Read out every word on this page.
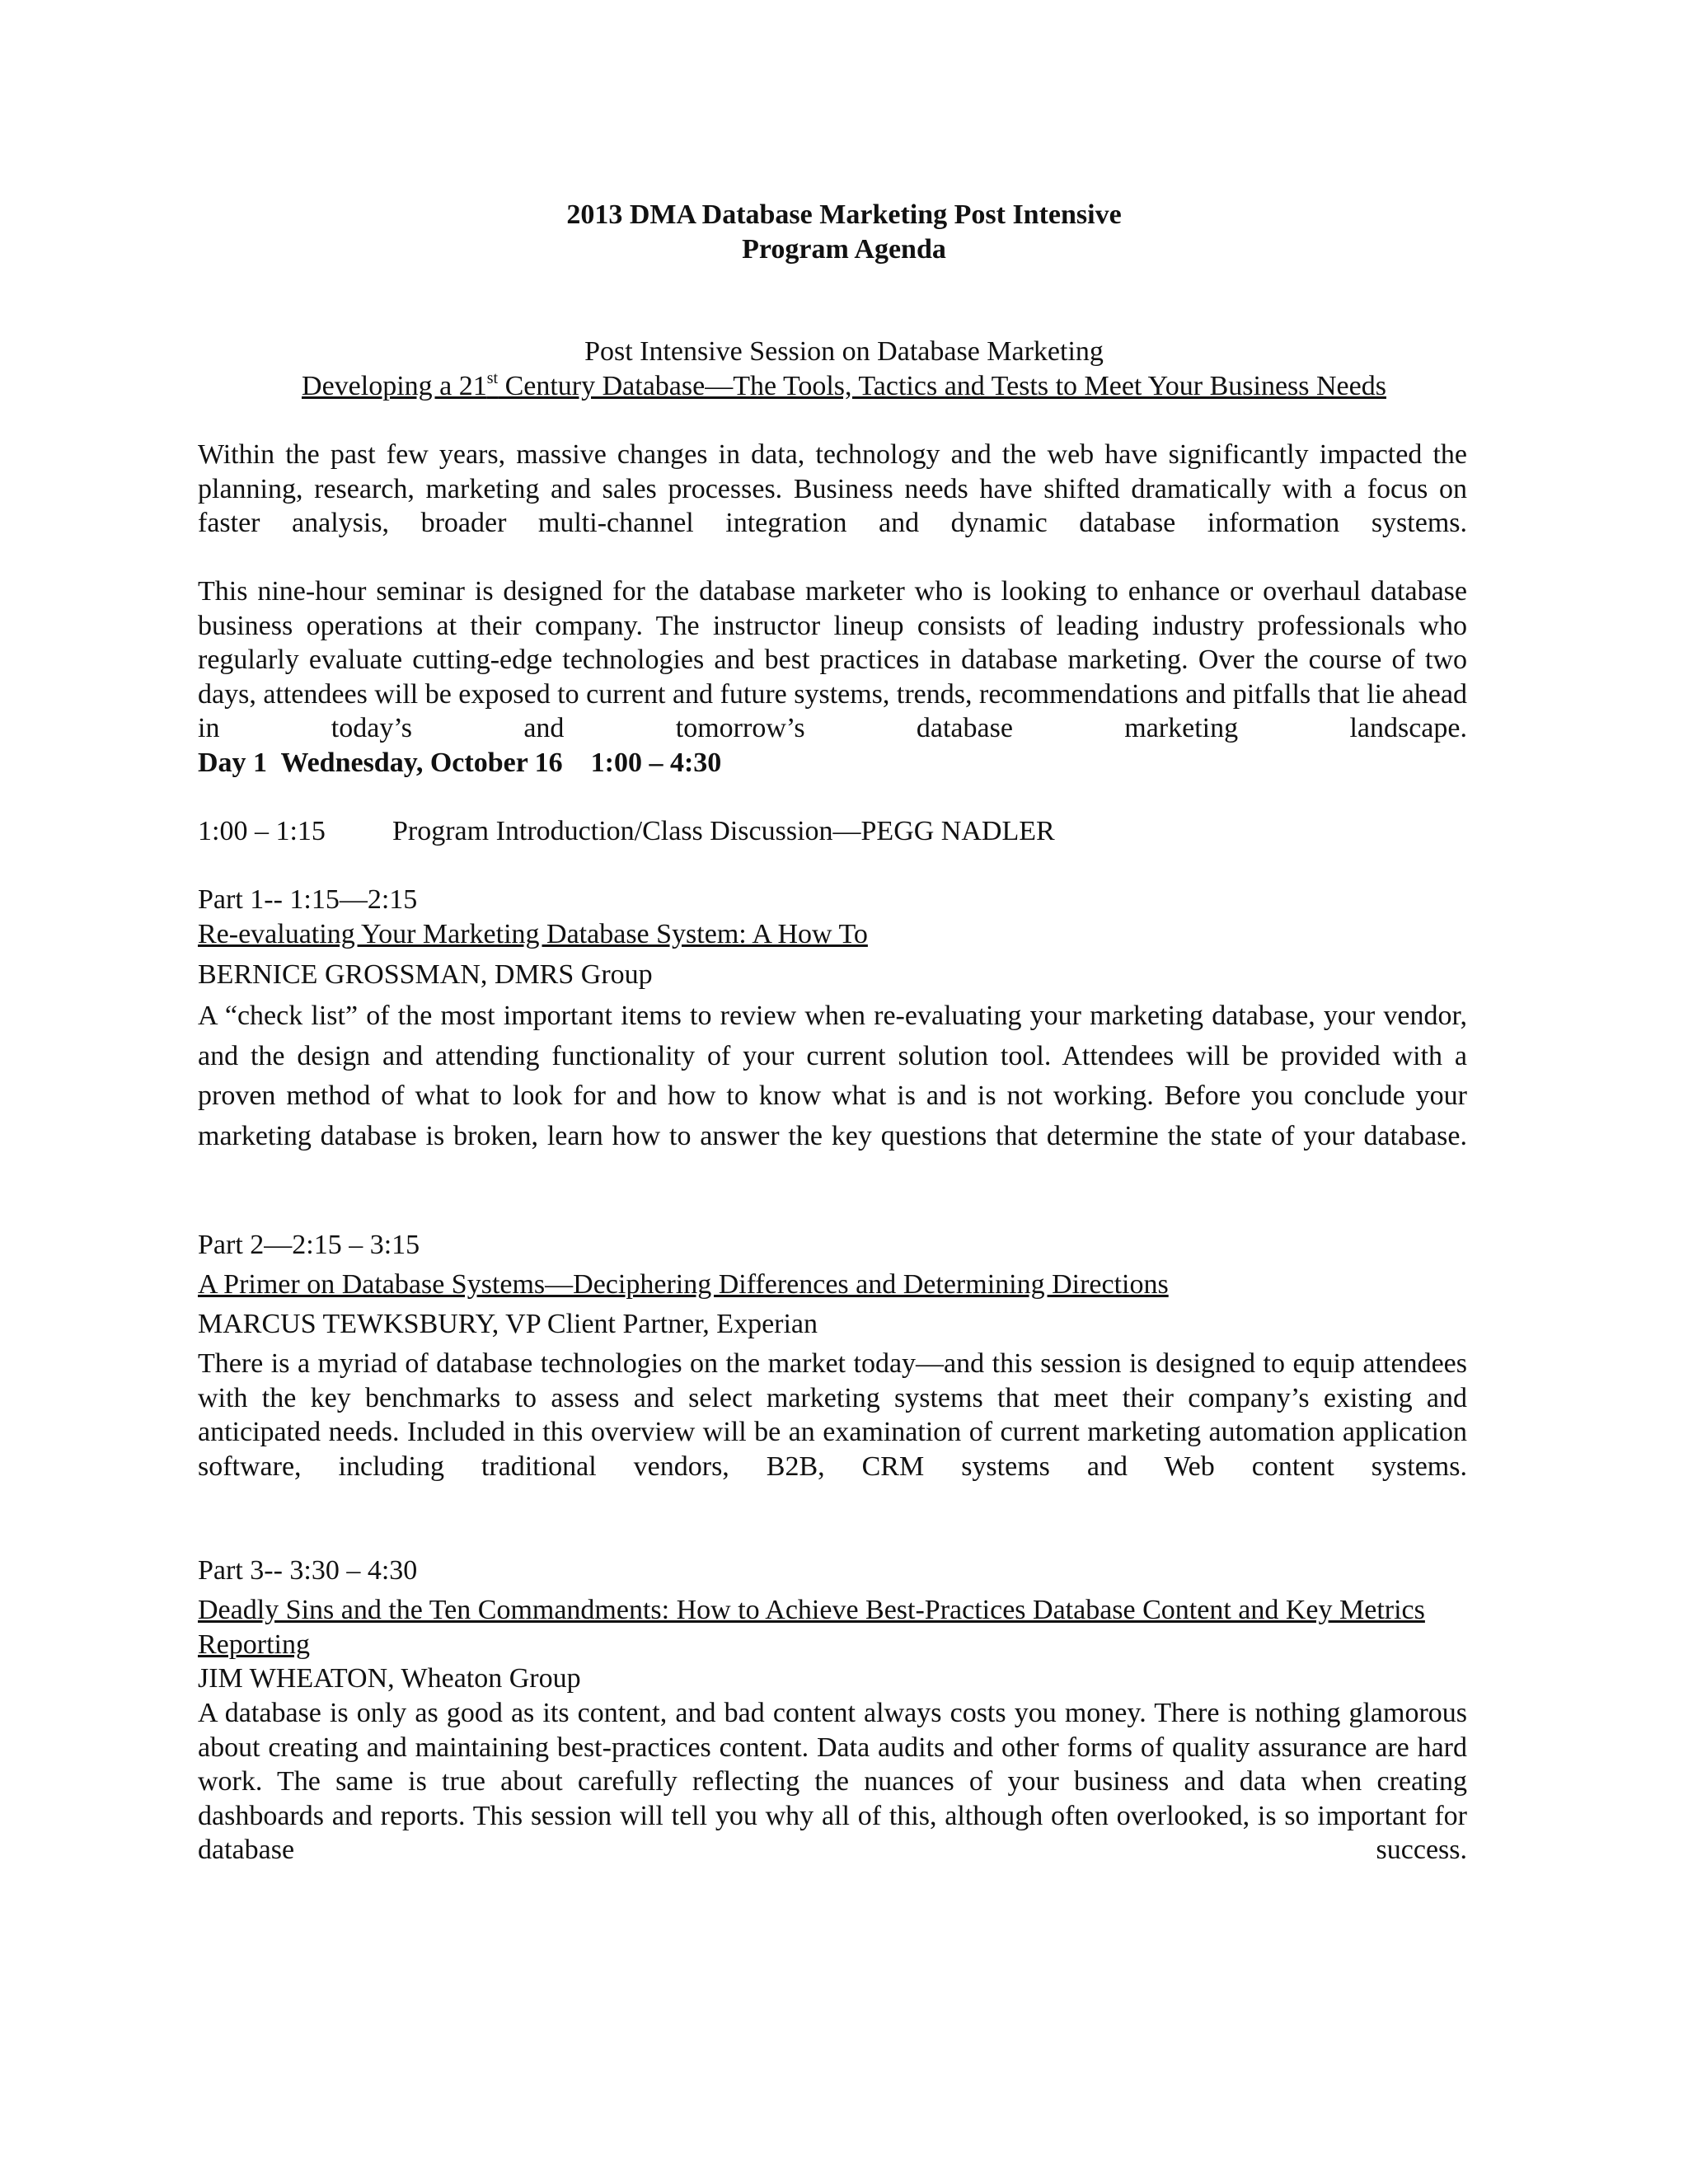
2013 DMA Database Marketing Post Intensive
Program Agenda
Post Intensive Session on Database Marketing
Developing a 21st Century Database—The Tools, Tactics and Tests to Meet Your Business Needs
Within the past few years, massive changes in data, technology and the web have significantly impacted the planning, research, marketing and sales processes. Business needs have shifted dramatically with a focus on faster analysis, broader multi-channel integration and dynamic database information systems.
This nine-hour seminar is designed for the database marketer who is looking to enhance or overhaul database business operations at their company. The instructor lineup consists of leading industry professionals who regularly evaluate cutting-edge technologies and best practices in database marketing. Over the course of two days, attendees will be exposed to current and future systems, trends, recommendations and pitfalls that lie ahead in today’s and tomorrow’s database marketing landscape.
Day 1  Wednesday, October 16    1:00 – 4:30
1:00 – 1:15 Program Introduction/Class Discussion—PEGG NADLER
Part 1-- 1:15—2:15
Re-evaluating Your Marketing Database System: A How To
BERNICE GROSSMAN, DMRS Group
A “check list” of the most important items to review when re-evaluating your marketing database, your vendor, and the design and attending functionality of your current solution tool. Attendees will be provided with a proven method of what to look for and how to know what is and is not working. Before you conclude your marketing database is broken, learn how to answer the key questions that determine the state of your database.
Part 2—2:15 – 3:15
A Primer on Database Systems—Deciphering Differences and Determining Directions
MARCUS TEWKSBURY, VP Client Partner, Experian
There is a myriad of database technologies on the market today—and this session is designed to equip attendees with the key benchmarks to assess and select marketing systems that meet their company’s existing and anticipated needs. Included in this overview will be an examination of current marketing automation application software, including traditional vendors, B2B, CRM systems and Web content systems.
Part 3-- 3:30 – 4:30
Deadly Sins and the Ten Commandments: How to Achieve Best-Practices Database Content and Key Metrics Reporting
JIM WHEATON, Wheaton Group
A database is only as good as its content, and bad content always costs you money. There is nothing glamorous about creating and maintaining best-practices content. Data audits and other forms of quality assurance are hard work. The same is true about carefully reflecting the nuances of your business and data when creating dashboards and reports. This session will tell you why all of this, although often overlooked, is so important for database success.
